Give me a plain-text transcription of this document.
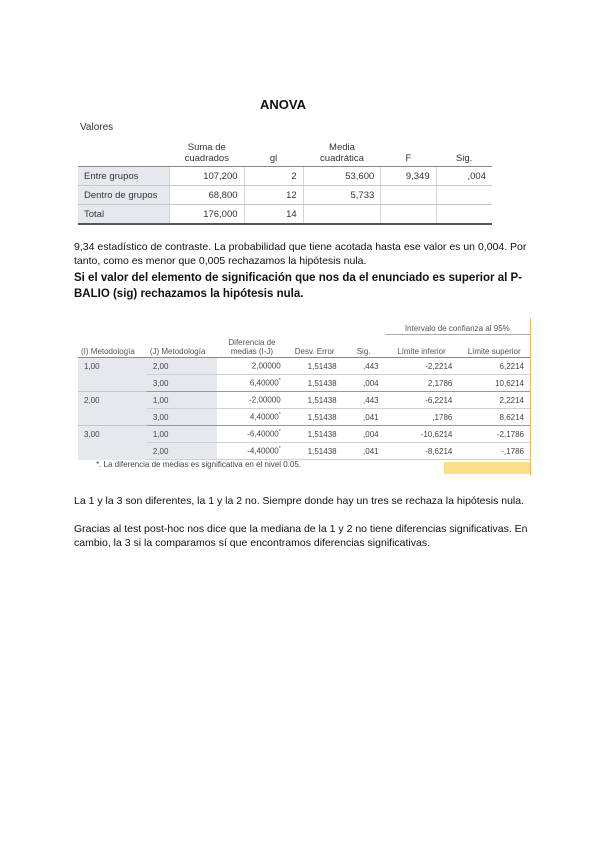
ANOVA
Valores
	Suma de cuadrados	gl	Media cuadrática	F	Sig.
Entre grupos	107,200	2	53,600	9,349	,004
Dentro de grupos	68,800	12	5,733		
Total	176,000	14			
9,34 estadístico de contraste. La probabilidad que tiene acotada hasta ese valor es un 0,004. Por tanto, como es menor que 0,005 rechazamos la hipótesis nula.
Si el valor del elemento de significación que nos da el enunciado es superior al P-BALIO (sig) rechazamos la hipótesis nula.
					Intervalo de confianza al 95%	
(I) Metodología	(J) Metodología	Diferencia de medias (I-J)	Desv. Error	Sig.	Límite inferior	Límite superior
1,00	2,00	2,00000	1,51438	,443	-2,2214	6,2214
	3,00	6,40000*	1,51438	,004	2,1786	10,6214
2,00	1,00	-2,00000	1,51438	,443	-6,2214	2,2214
	3,00	4,40000*	1,51438	,041	,1786	8,6214
3,00	1,00	-6,40000*	1,51438	,004	-10,6214	-2,1786
	2,00	-4,40000*	1,51438	,041	-8,6214	-,1786
*. La diferencia de medias es significativa en el nivel 0.05.
La 1 y la 3 son diferentes, la 1 y la 2 no. Siempre donde hay un tres se rechaza la hipótesis nula.
Gracias al test post-hoc nos dice que la mediana de la 1 y 2 no tiene diferencias significativas. En cambio, la 3 si la comparamos sí que encontramos diferencias significativas.
